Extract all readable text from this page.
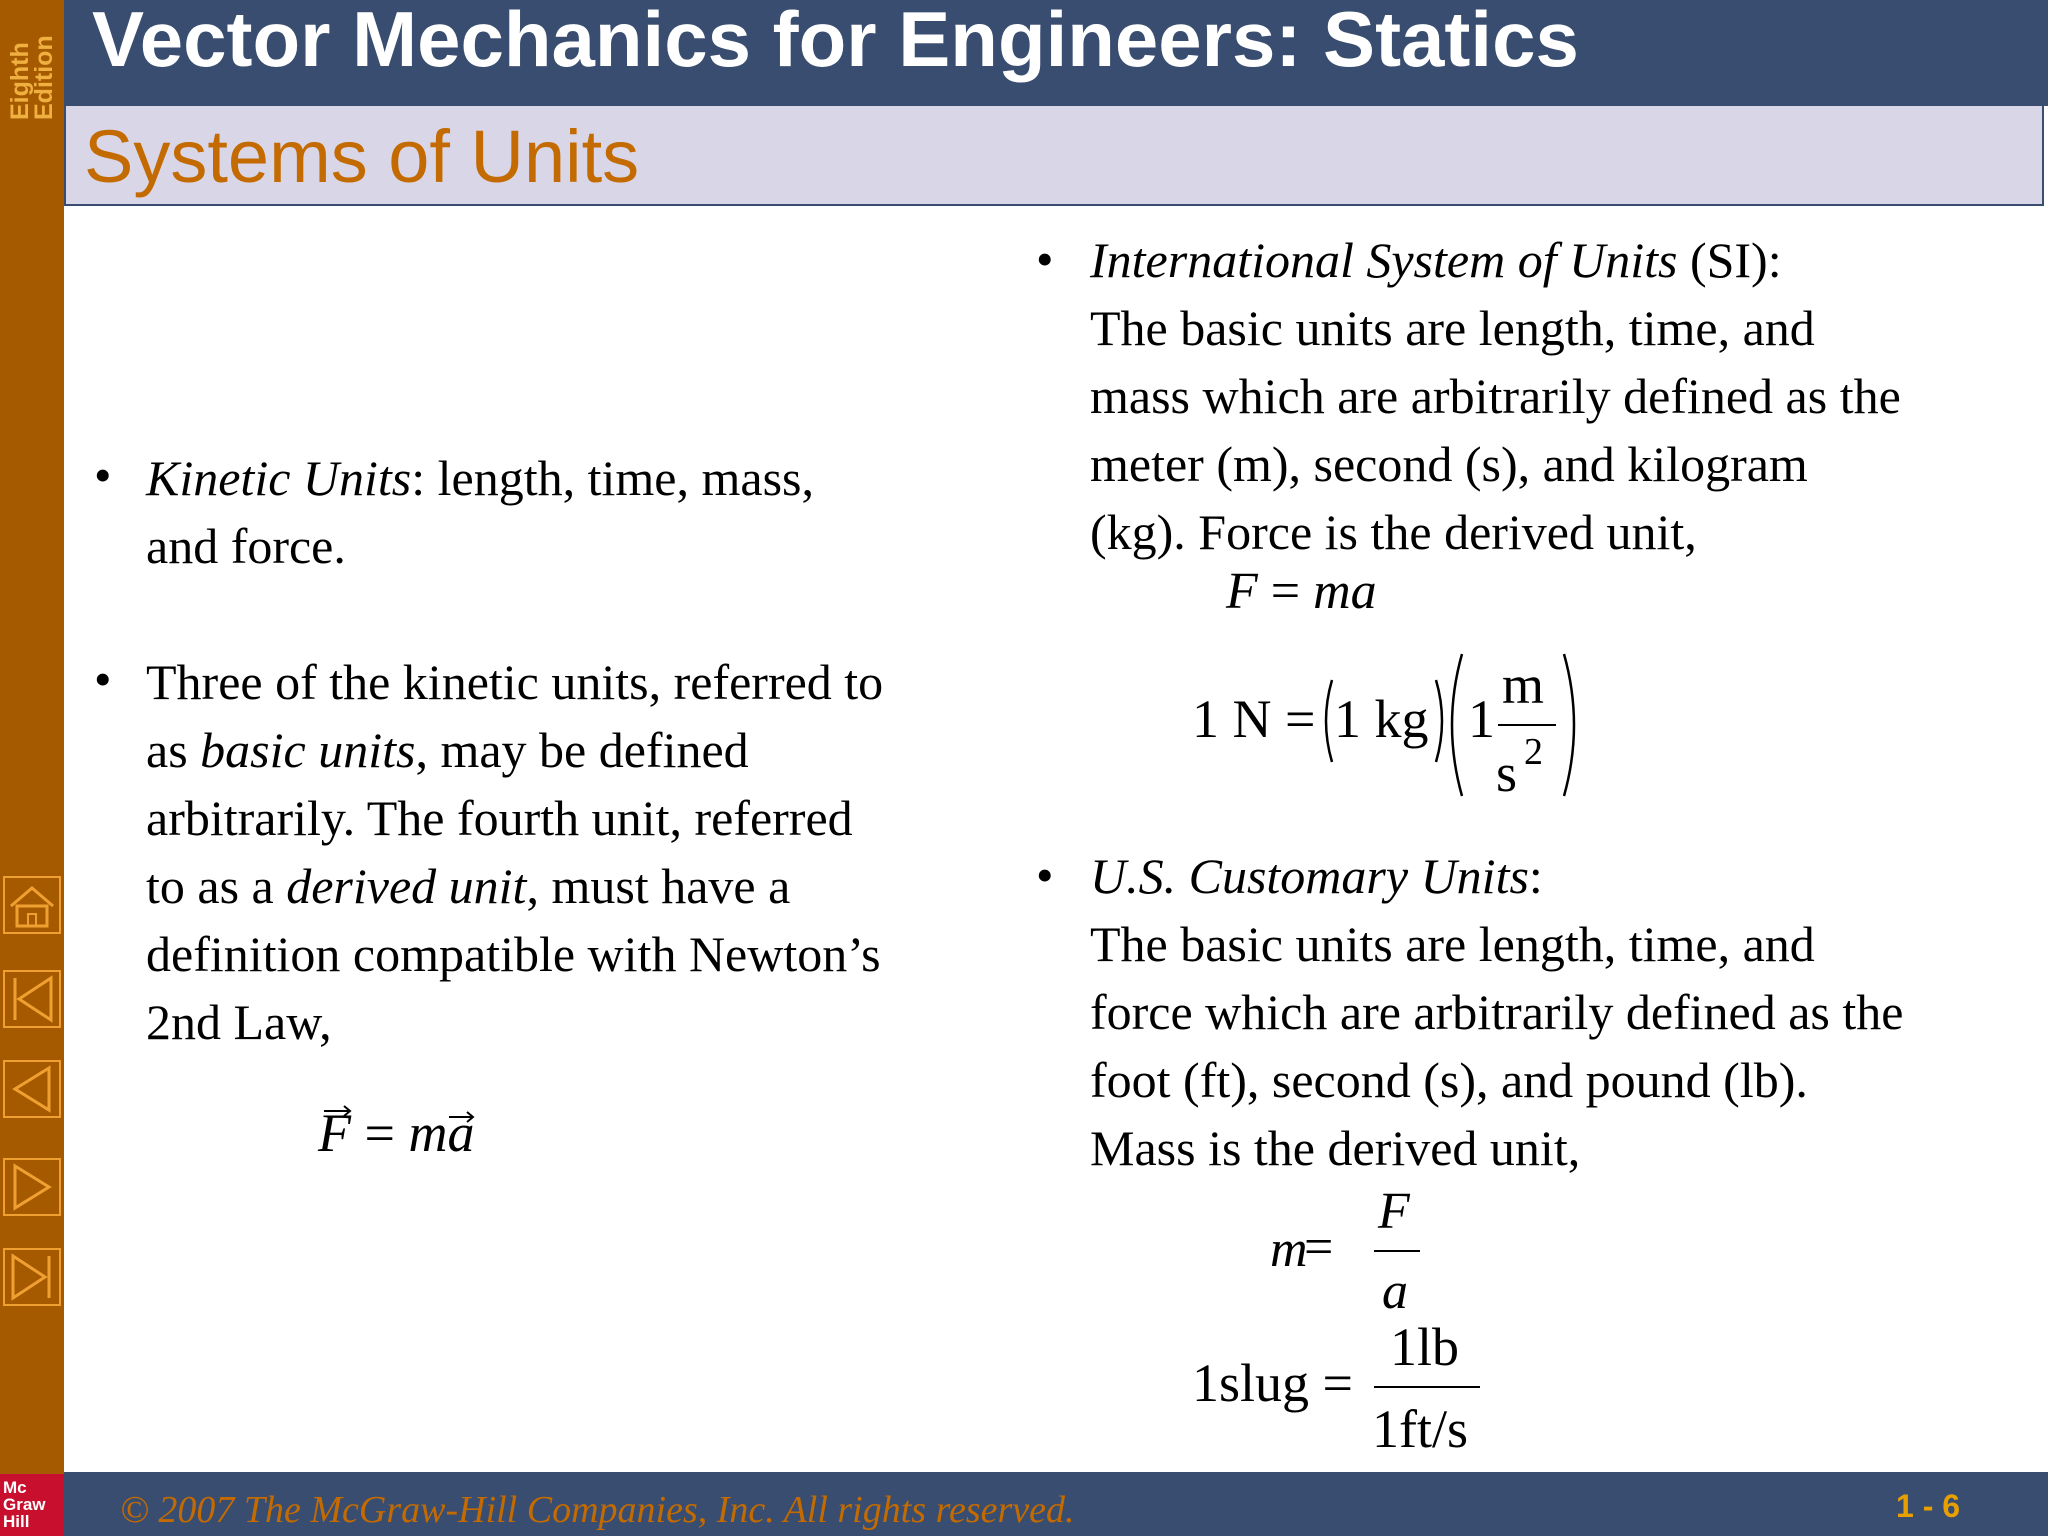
Eighth
Edition
Mc
Graw
Hill
Vector Mechanics for Engineers: Statics
Systems of Units
• Kinetic Units: length, time, mass,
and force.
• Three of the kinetic units, referred to
as basic units, may be defined
arbitrarily. The fourth unit, referred
to as a derived unit, must have a
definition compatible with Newton’s
2nd Law,
F
= ma
• International System of Units (SI):
The basic units are length, time, and
mass which are arbitrarily defined as the
meter (m), second (s), and kilogram
(kg). Force is the derived unit,
F = ma
1 N = 1 kg 1
m
s 2
• U.S. Customary Units:
The basic units are length, time, and
force which are arbitrarily defined as the
foot (ft), second (s), and pound (lb).
Mass is the derived unit,
m
=
F
a
1slug =
1lb
1ft/s
© 2007 The McGraw-Hill Companies, Inc. All rights reserved.	1 - 6
